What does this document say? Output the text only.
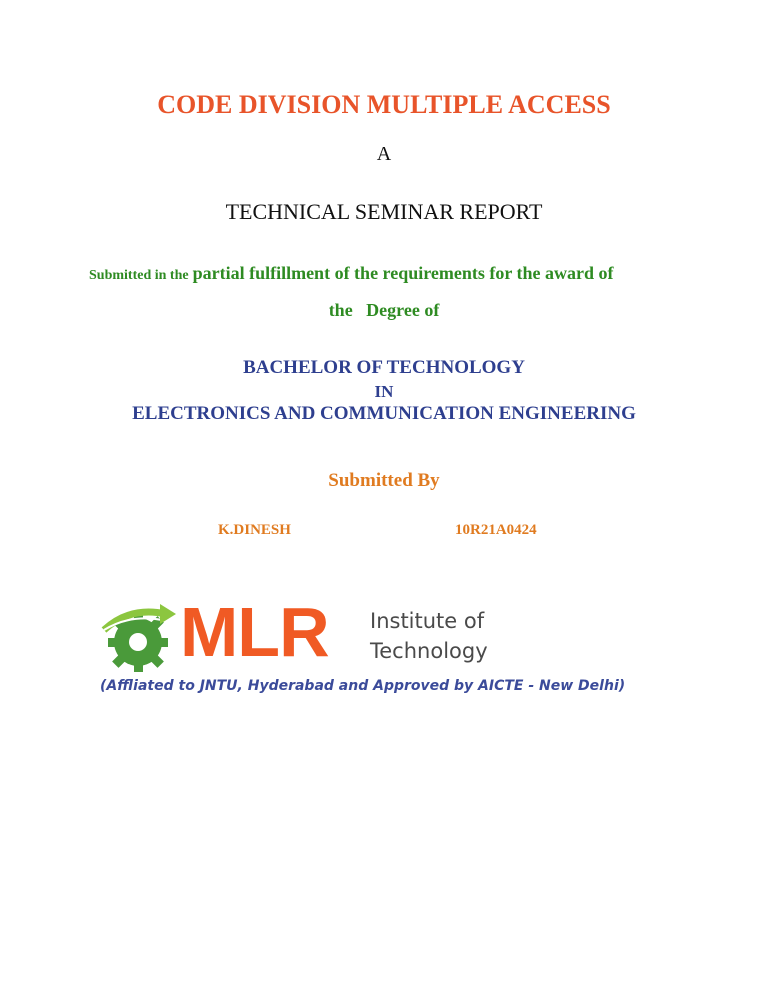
CODE DIVISION MULTIPLE ACCESS
A
TECHNICAL SEMINAR REPORT
Submitted in the partial fulfillment of the requirements for the award of
the   Degree of
BACHELOR OF TECHNOLOGY
IN
ELECTRONICS AND COMMUNICATION ENGINEERING
Submitted By
K.DINESH	10R21A0424
MLR Institute of
Technology
(Affliated to JNTU, Hyderabad and Approved by AICTE - New Delhi)
